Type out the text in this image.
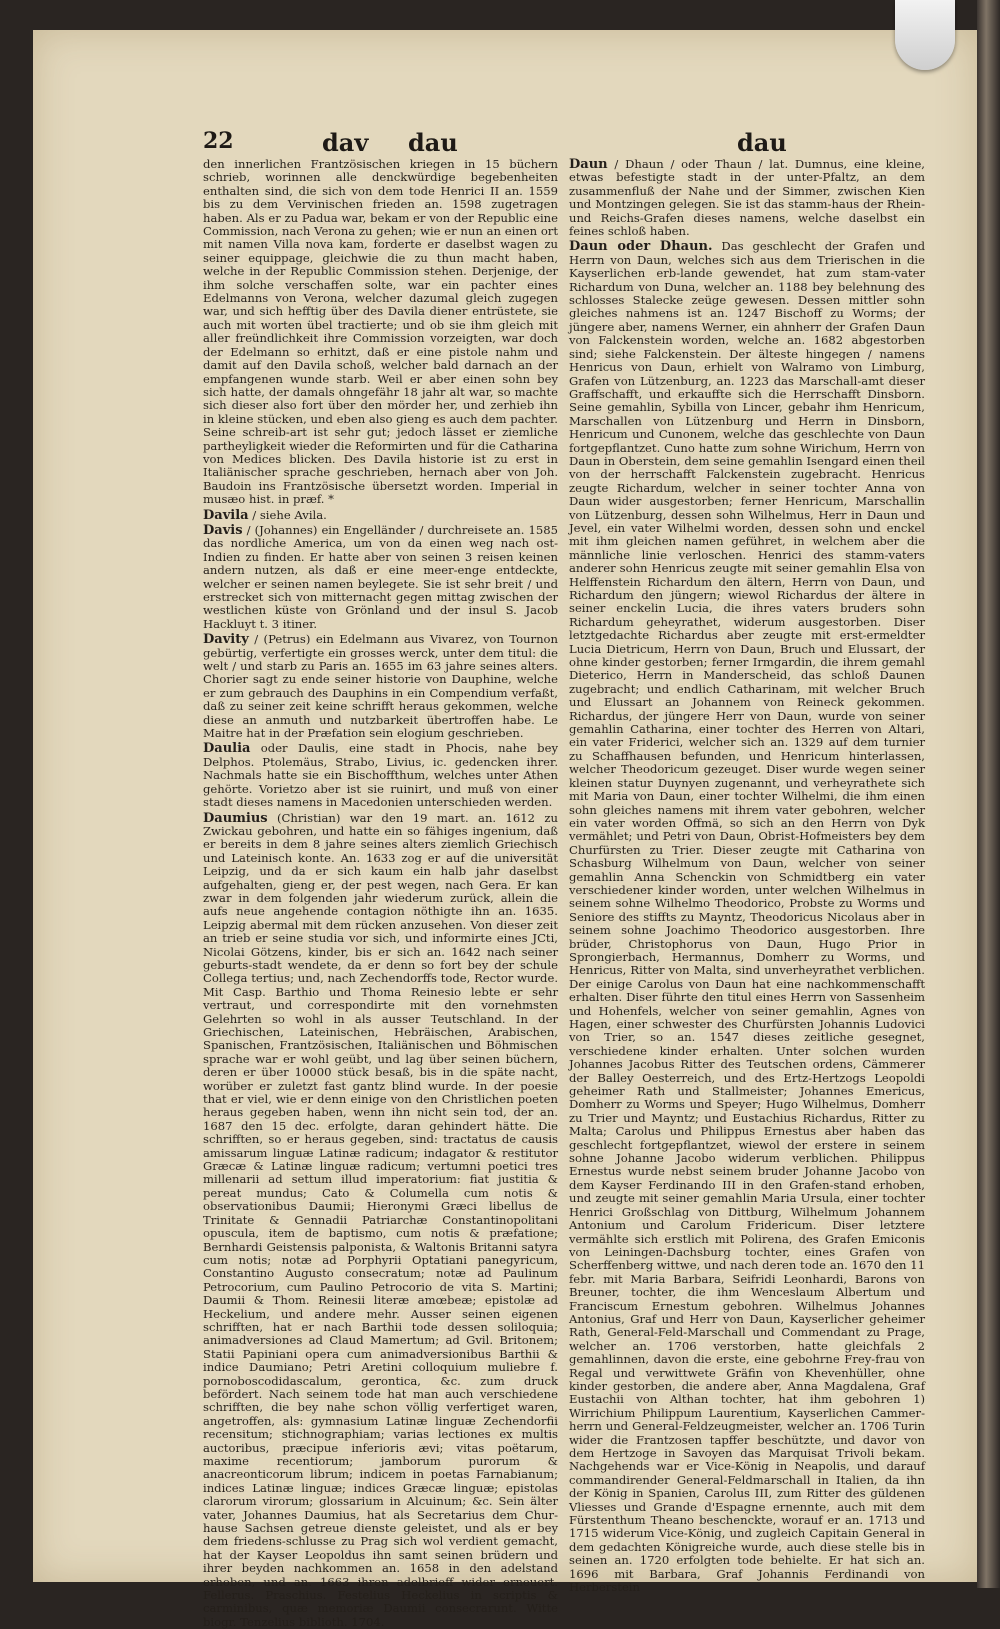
22	dav dau	dau

den innerlichen Frantzösischen kriegen in 15 büchern schrieb, worinnen alle denckwürdige begebenheiten enthalten sind, die sich von dem tode Henrici II an. 1559 bis zu dem Vervinischen frieden an. 1598 zugetragen haben. Als er zu Padua war, bekam er von der Republic eine Commission, nach Verona zu gehen; wie er nun an einen ort mit namen Villa nova kam, forderte er daselbst wagen zu seiner equippage, gleichwie die zu thun macht haben, welche in der Republic Commission stehen. Derjenige, der ihm solche verschaffen solte, war ein pachter eines Edelmanns von Verona, welcher dazumal gleich zugegen war, und sich hefftig über des Davila diener entrüstete, sie auch mit worten übel tractierte; und ob sie ihm gleich mit aller freündlichkeit ihre Commission vorzeigten, war doch der Edelmann so erhitzt, daß er eine pistole nahm und damit auf den Davila schoß, welcher bald darnach an der empfangenen wunde starb. Weil er aber einen sohn bey sich hatte, der damals ohngefähr 18 jahr alt war, so machte sich dieser also fort über den mörder her, und zerhieb ihn in kleine stücken, und eben also gieng es auch dem pachter. Seine schreib-art ist sehr gut; jedoch lässet er ziemliche partheyligkeit wieder die Reformirten und für die Catharina von Medices blicken. Des Davila historie ist zu erst in Italiänischer sprache geschrieben, hernach aber von Joh. Baudoin ins Frantzösische übersetzt worden. Imperial in musæo hist. in præf. *

Davila / siehe Avila.

Davis / (Johannes) ein Engelländer / durchreisete an. 1585 das nordliche America, um von da einen weg nach ost-Indien zu finden. Er hatte aber von seinen 3 reisen keinen andern nutzen, als daß er eine meer-enge entdeckte, welcher er seinen namen beylegete. Sie ist sehr breit / und erstrecket sich von mitternacht gegen mittag zwischen der westlichen küste von Grönland und der insul S. Jacob Hackluyt t. 3 itiner.

Davity / (Petrus) ein Edelmann aus Vivarez, von Tournon gebürtig, verfertigte ein grosses werck, unter dem titul: die welt / und starb zu Paris an. 1655 im 63 jahre seines alters. Chorier sagt zu ende seiner historie von Dauphine, welche er zum gebrauch des Dauphins in ein Compendium verfaßt, daß zu seiner zeit keine schrifft heraus gekommen, welche diese an anmuth und nutzbarkeit übertroffen habe. Le Maitre hat in der Præfation sein elogium geschrieben.

Daulia oder Daulis, eine stadt in Phocis, nahe bey Delphos. Ptolemäus, Strabo, Livius, ic. gedencken ihrer. Nachmals hatte sie ein Bischoffthum, welches unter Athen gehörte. Vorietzo aber ist sie ruinirt, und muß von einer stadt dieses namens in Macedonien unterschieden werden.

Daumius (Christian) war den 19 mart. an. 1612 zu Zwickau gebohren, und hatte ein so fähiges ingenium, daß er bereits in dem 8 jahre seines alters ziemlich Griechisch und Lateinisch konte. An. 1633 zog er auf die universität Leipzig, und da er sich kaum ein halb jahr daselbst aufgehalten, gieng er, der pest wegen, nach Gera. Er kan zwar in dem folgenden jahr wiederum zurück, allein die aufs neue angehende contagion nöthigte ihn an. 1635. Leipzig abermal mit dem rücken anzusehen. Von dieser zeit an trieb er seine studia vor sich, und informirte eines JCti, Nicolai Götzens, kinder, bis er sich an. 1642 nach seiner geburts-stadt wendete, da er denn so fort bey der schule Collega tertius; und, nach Zechendorffs tode, Rector wurde. Mit Casp. Barthio und Thoma Reinesio lebte er sehr vertraut, und correspondirte mit den vornehmsten Gelehrten so wohl in als ausser Teutschland. In der Griechischen, Lateinischen, Hebräischen, Arabischen, Spanischen, Frantzösischen, Italiänischen und Böhmischen sprache war er wohl geübt, und lag über seinen büchern, deren er über 10000 stück besaß, bis in die späte nacht, worüber er zuletzt fast gantz blind wurde. In der poesie that er viel, wie er denn einige von den Christlichen poeten heraus gegeben haben, wenn ihn nicht sein tod, der an. 1687 den 15 dec. erfolgte, daran gehindert hätte. Die schrifften, so er heraus gegeben, sind: tractatus de causis amissarum linguæ Latinæ radicum; indagator & restitutor Græcæ & Latinæ linguæ radicum; vertumni poetici tres millenarii ad settum illud imperatorium: fiat justitia & pereat mundus; Cato & Columella cum notis & observationibus Daumii; Hieronymi Græci libellus de Trinitate & Gennadii Patriarchæ Constantinopolitani opuscula, item de baptismo, cum notis & præfatione; Bernhardi Geistensis palponista, & Waltonis Britanni satyra cum notis; notæ ad Porphyrii Optatiani panegyricum, Constantino Augusto consecratum; notæ ad Paulinum Petrocorium, cum Paulino Petrocorio de vita S. Martini; Daumii & Thom. Reinesii literæ amœbeæ; epistolæ ad Heckelium, und andere mehr. Ausser seinen eigenen schrifften, hat er nach Barthii tode dessen soliloquia; animadversiones ad Claud Mamertum; ad Gvil. Britonem; Statii Papiniani opera cum animadversionibus Barthii & indice Daumiano; Petri Aretini colloquium muliebre f. pornoboscodidascalum, gerontica, &c. zum druck befördert. Nach seinem tode hat man auch verschiedene schrifften, die bey nahe schon völlig verfertiget waren, angetroffen, als: gymnasium Latinæ linguæ Zechendorfii recensitum; stichnographiam; varias lectiones ex multis auctoribus, præcipue inferioris ævi; vitas poëtarum, maxime recentiorum; jamborum purorum & anacreonticorum librum; indicem in poetas Farnabianum; indices Latinæ linguæ; indices Græcæ linguæ; epistolas clarorum virorum; glossarium in Alcuinum; &c. Sein älter vater, Johannes Daumius, hat als Secretarius dem Chur-hause Sachsen getreue dienste geleistet, und als er bey dem friedens-schlusse zu Prag sich wol verdient gemacht, hat der Kayser Leopoldus ihn samt seinen brüdern und ihrer beyden nachkommen an. 1658 in den adelstand erhoben, und an. 1663 ihren adelbrieff wider erneuert. Fellerus. Praschius. Festelius Heckelius in scriptis & carminibus, quæ memoriæ Daumii consecrarunt. Witte biogr. Tenzelius biblioth. 1704.

Daun / Dhaun / oder Thaun / lat. Dumnus, eine kleine, etwas befestigte stadt in der unter-Pfaltz, an dem zusammenfluß der Nahe und der Simmer, zwischen Kien und Montzingen gelegen. Sie ist das stamm-haus der Rhein- und Reichs-Grafen dieses namens, welche daselbst ein feines schloß haben.

Daun oder Dhaun. Das geschlecht der Grafen und Herrn von Daun, welches sich aus dem Trierischen in die Kayserlichen erb-lande gewendet, hat zum stam-vater Richardum von Duna, welcher an. 1188 bey belehnung des schlosses Stalecke zeüge gewesen. Dessen mittler sohn gleiches nahmens ist an. 1247 Bischoff zu Worms; der jüngere aber, namens Werner, ein ahnherr der Grafen Daun von Falckenstein worden, welche an. 1682 abgestorben sind; siehe Falckenstein. Der älteste hingegen / namens Henricus von Daun, erhielt von Walramo von Limburg, Grafen von Lützenburg, an. 1223 das Marschall-amt dieser Graffschafft, und erkauffte sich die Herrschafft Dinsborn. Seine gemahlin, Sybilla von Lincer, gebahr ihm Henricum, Marschallen von Lützenburg und Herrn in Dinsborn, Henricum und Cunonem, welche das geschlechte von Daun fortgepflantzet. Cuno hatte zum sohne Wirichum, Herrn von Daun in Oberstein, dem seine gemahlin Isengard einen theil von der herrschafft Falckenstein zugebracht. Henricus zeugte Richardum, welcher in seiner tochter Anna von Daun wider ausgestorben; ferner Henricum, Marschallin von Lützenburg, dessen sohn Wilhelmus, Herr in Daun und Jevel, ein vater Wilhelmi worden, dessen sohn und enckel mit ihm gleichen namen geführet, in welchem aber die männliche linie verloschen. Henrici des stamm-vaters anderer sohn Henricus zeugte mit seiner gemahlin Elsa von Helffenstein Richardum den ältern, Herrn von Daun, und Richardum den jüngern; wiewol Richardus der ältere in seiner enckelin Lucia, die ihres vaters bruders sohn Richardum geheyrathet, widerum ausgestorben. Diser letztgedachte Richardus aber zeugte mit erst-ermeldter Lucia Dietricum, Herrn von Daun, Bruch und Elussart, der ohne kinder gestorben; ferner Irmgardin, die ihrem gemahl Dieterico, Herrn in Manderscheid, das schloß Daunen zugebracht; und endlich Catharinam, mit welcher Bruch und Elussart an Johannem von Reineck gekommen. Richardus, der jüngere Herr von Daun, wurde von seiner gemahlin Catharina, einer tochter des Herren von Altari, ein vater Friderici, welcher sich an. 1329 auf dem turnier zu Schaffhausen befunden, und Henricum hinterlassen, welcher Theodoricum gezeuget. Diser wurde wegen seiner kleinen statur Duynyen zugenannt, und verheyrathete sich mit Maria von Daun, einer tochter Wilhelmi, die ihm einen sohn gleiches namens mit ihrem vater gebohren, welcher ein vater worden Offmä, so sich an den Herrn von Dyk vermählet; und Petri von Daun, Obrist-Hofmeisters bey dem Churfürsten zu Trier. Dieser zeugte mit Catharina von Schasburg Wilhelmum von Daun, welcher von seiner gemahlin Anna Schenckin von Schmidtberg ein vater verschiedener kinder worden, unter welchen Wilhelmus in seinem sohne Wilhelmo Theodorico, Probste zu Worms und Seniore des stiffts zu Mayntz, Theodoricus Nicolaus aber in seinem sohne Joachimo Theodorico ausgestorben. Ihre brüder, Christophorus von Daun, Hugo Prior in Sprongierbach, Hermannus, Domherr zu Worms, und Henricus, Ritter von Malta, sind unverheyrathet verblichen. Der einige Carolus von Daun hat eine nachkommenschafft erhalten. Diser führte den titul eines Herrn von Sassenheim und Hohenfels, welcher von seiner gemahlin, Agnes von Hagen, einer schwester des Churfürsten Johannis Ludovici von Trier, so an. 1547 dieses zeitliche gesegnet, verschiedene kinder erhalten. Unter solchen wurden Johannes Jacobus Ritter des Teutschen ordens, Cämmerer der Balley Oesterreich, und des Ertz-Hertzogs Leopoldi geheimer Rath und Stallmeister; Johannes Emericus, Domherr zu Worms und Speyer; Hugo Wilhelmus, Domherr zu Trier und Mayntz; und Eustachius Richardus, Ritter zu Malta; Carolus und Philippus Ernestus aber haben das geschlecht fortgepflantzet, wiewol der erstere in seinem sohne Johanne Jacobo widerum verblichen. Philippus Ernestus wurde nebst seinem bruder Johanne Jacobo von dem Kayser Ferdinando III in den Grafen-stand erhoben, und zeugte mit seiner gemahlin Maria Ursula, einer tochter Henrici Großschlag von Dittburg, Wilhelmum Johannem Antonium und Carolum Fridericum. Diser letztere vermählte sich erstlich mit Polirena, des Grafen Emiconis von Leiningen-Dachsburg tochter, eines Grafen von Scherffenberg wittwe, und nach deren tode an. 1670 den 11 febr. mit Maria Barbara, Seifridi Leonhardi, Barons von Breuner, tochter, die ihm Wenceslaum Albertum und Franciscum Ernestum gebohren. Wilhelmus Johannes Antonius, Graf und Herr von Daun, Kayserlicher geheimer Rath, General-Feld-Marschall und Commendant zu Prage, welcher an. 1706 verstorben, hatte gleichfals 2 gemahlinnen, davon die erste, eine gebohrne Frey-frau von Regal und verwittwete Gräfin von Khevenhüller, ohne kinder gestorben, die andere aber, Anna Magdalena, Graf Eustachii von Althan tochter, hat ihm gebohren 1) Wirrichium Philippum Laurentium, Kayserlichen Cammer-herrn und General-Feldzeugmeister, welcher an. 1706 Turin wider die Frantzosen tapffer beschützte, und davor von dem Hertzoge in Savoyen das Marquisat Trivoli bekam. Nachgehends war er Vice-König in Neapolis, und darauf commandirender General-Feldmarschall in Italien, da ihn der König in Spanien, Carolus III, zum Ritter des güldenen Vliesses und Grande d'Espagne ernennte, auch mit dem Fürstenthum Theano beschenckte, worauf er an. 1713 und 1715 widerum Vice-König, und zugleich Capitain General in dem gedachten Königreiche wurde, auch diese stelle bis in seinen an. 1720 erfolgten tode behielte. Er hat sich an. 1696 mit Barbara, Graf Johannis Ferdinandi von Herberstein
